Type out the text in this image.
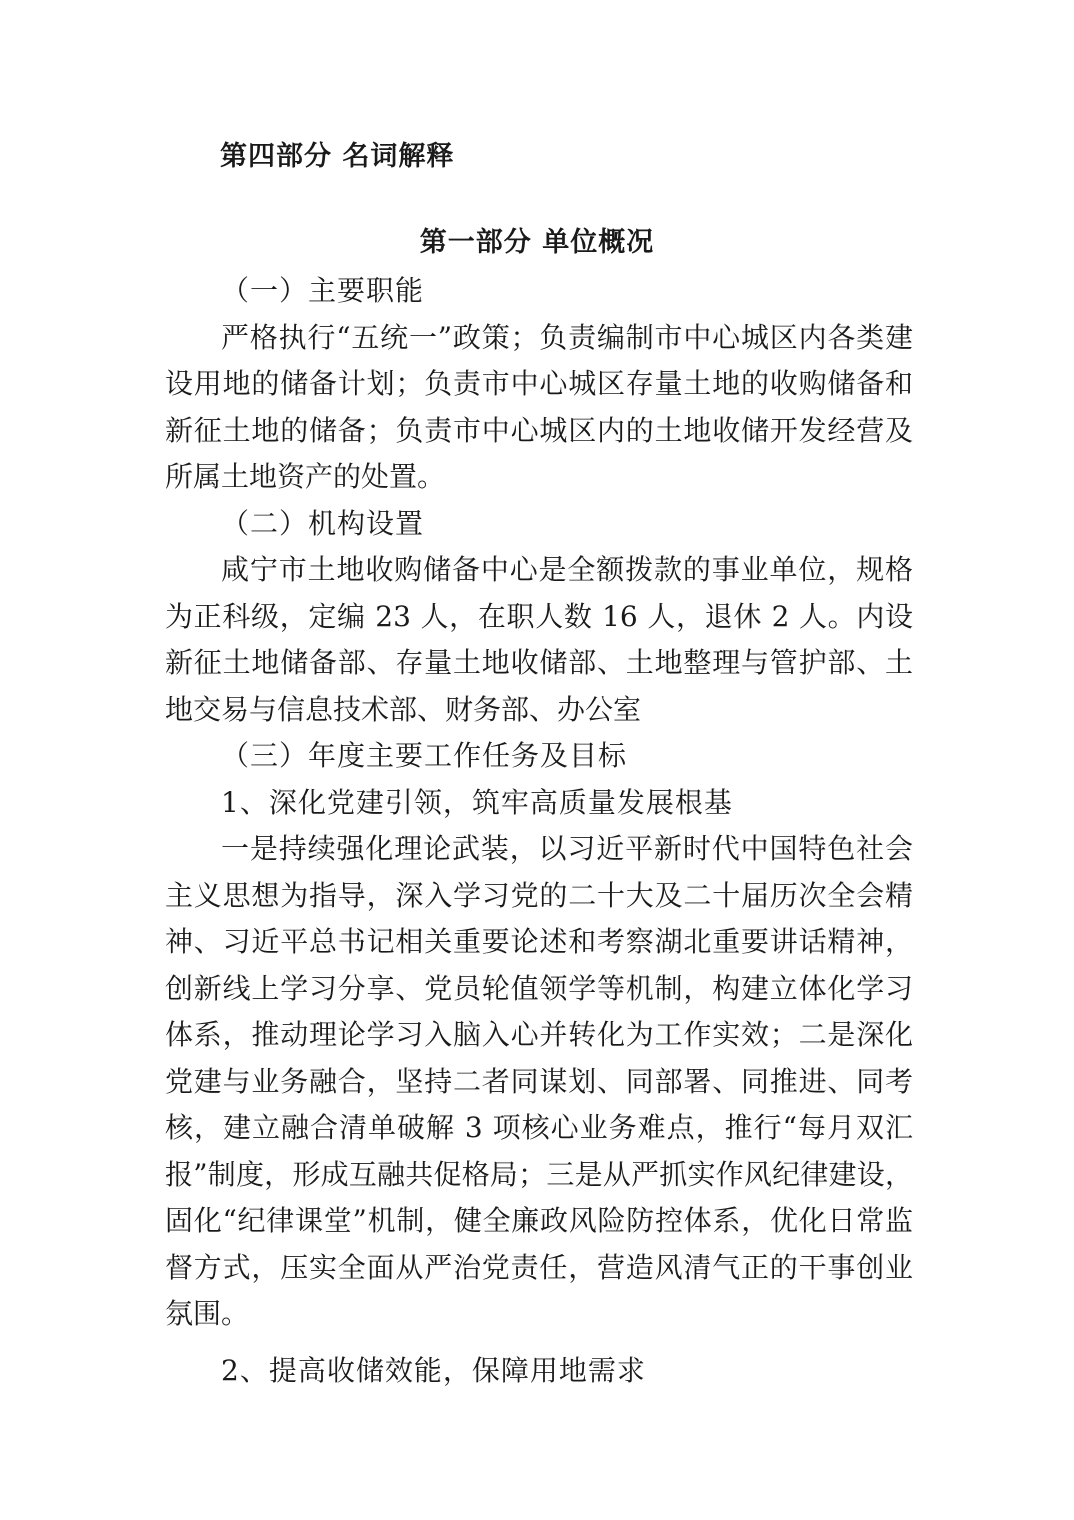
第四部分 名词解释
第一部分 单位概况

（一）主要职能

严格执行“五统一”政策；负责编制市中心城区内各类建设用地的储备计划；负责市中心城区存量土地的收购储备和新征土地的储备；负责市中心城区内的土地收储开发经营及所属土地资产的处置。

（二）机构设置

咸宁市土地收购储备中心是全额拨款的事业单位，规格为正科级，定编 23 人，在职人数 16 人，退休 2 人。内设新征土地储备部、存量土地收储部、土地整理与管护部、土地交易与信息技术部、财务部、办公室

（三）年度主要工作任务及目标

1、深化党建引领，筑牢高质量发展根基

一是持续强化理论武装，以习近平新时代中国特色社会主义思想为指导，深入学习党的二十大及二十届历次全会精神、习近平总书记相关重要论述和考察湖北重要讲话精神，创新线上学习分享、党员轮值领学等机制，构建立体化学习体系，推动理论学习入脑入心并转化为工作实效；二是深化党建与业务融合，坚持二者同谋划、同部署、同推进、同考核，建立融合清单破解 3 项核心业务难点，推行“每月双汇报”制度，形成互融共促格局；三是从严抓实作风纪律建设，固化“纪律课堂”机制，健全廉政风险防控体系，优化日常监督方式，压实全面从严治党责任，营造风清气正的干事创业氛围。

2、提高收储效能，保障用地需求
